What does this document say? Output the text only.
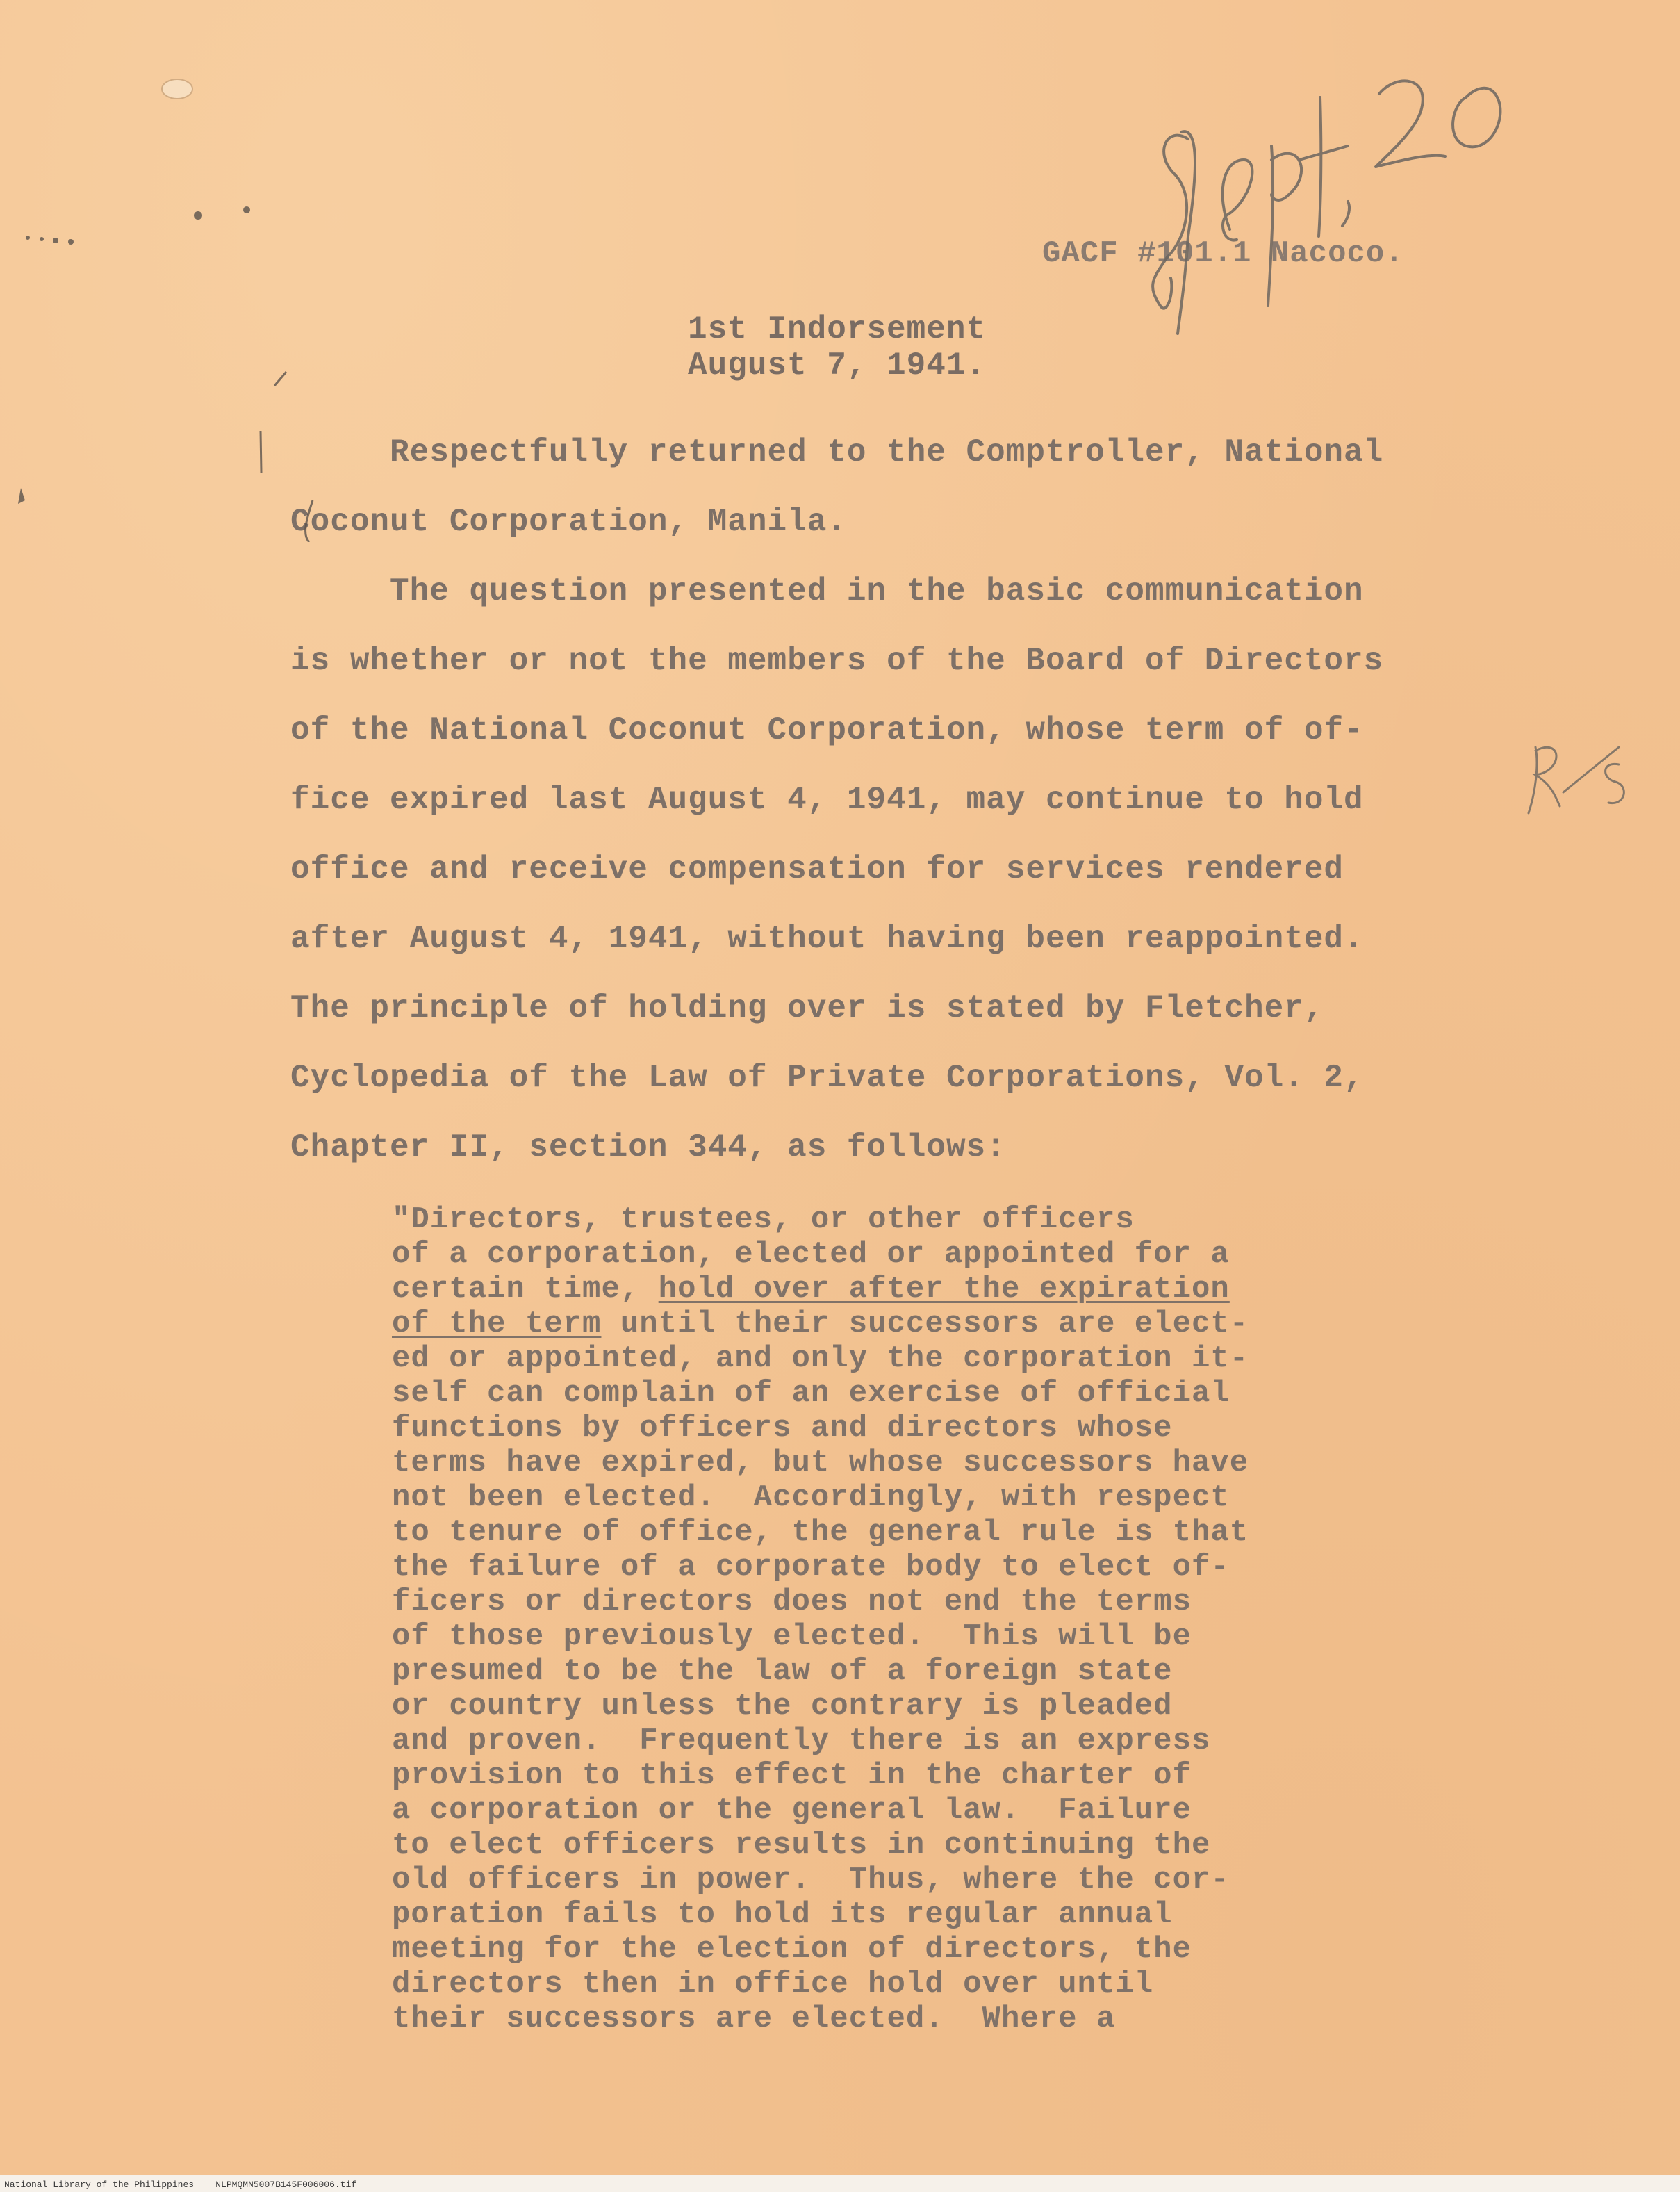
GACF #101.1 Nacoco.
1st Indorsement
August 7, 1941.
Respectfully returned to the Comptroller, National
Coconut Corporation, Manila.
The question presented in the basic communication
is whether or not the members of the Board of Directors
of the National Coconut Corporation, whose term of of-
fice expired last August 4, 1941, may continue to hold
office and receive compensation for services rendered
after August 4, 1941, without having been reappointed.
The principle of holding over is stated by Fletcher,
Cyclopedia of the Law of Private Corporations, Vol. 2,
Chapter II, section 344, as follows:
"Directors, trustees, or other officers
of a corporation, elected or appointed for a
certain time, hold over after the expiration
of the term until their successors are elect-
ed or appointed, and only the corporation it-
self can complain of an exercise of official
functions by officers and directors whose
terms have expired, but whose successors have
not been elected.  Accordingly, with respect
to tenure of office, the general rule is that
the failure of a corporate body to elect of-
ficers or directors does not end the terms
of those previously elected.  This will be
presumed to be the law of a foreign state
or country unless the contrary is pleaded
and proven.  Frequently there is an express
provision to this effect in the charter of
a corporation or the general law.  Failure
to elect officers results in continuing the
old officers in power.  Thus, where the cor-
poration fails to hold its regular annual
meeting for the election of directors, the
directors then in office hold over until
their successors are elected.  Where a
National Library of the Philippines    NLPMQMN5007B145F006006.tif
